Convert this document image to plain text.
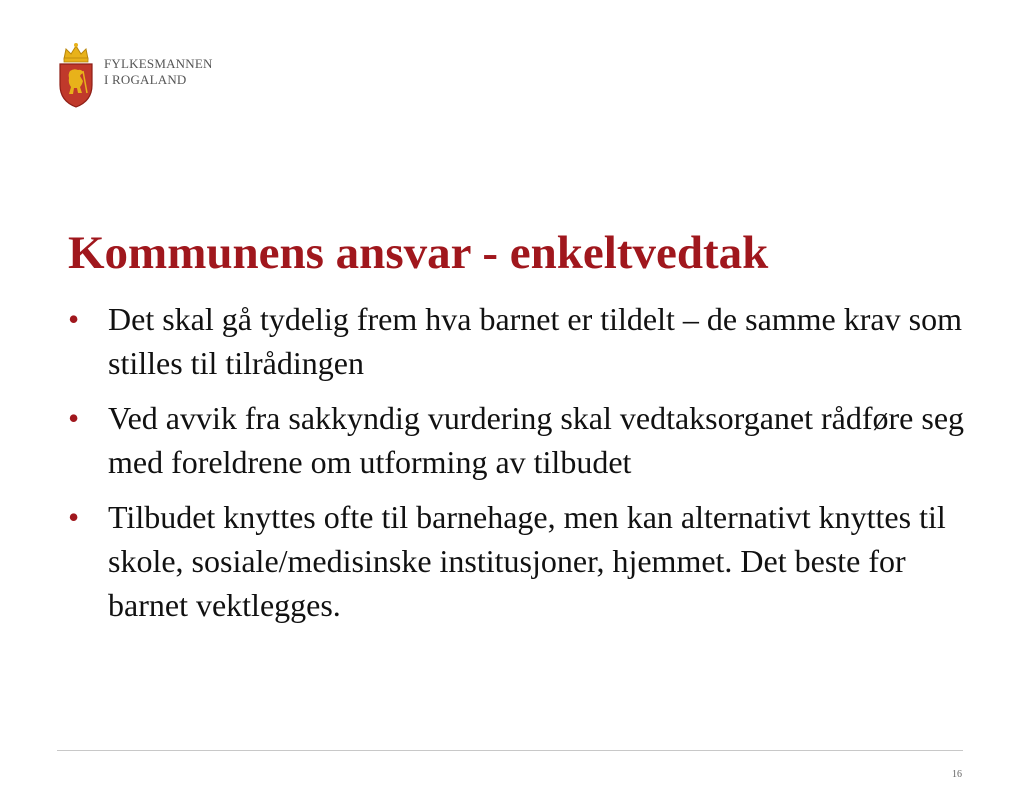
FYLKESMANNEN
I ROGALAND
Kommunens ansvar - enkeltvedtak
• Det skal gå tydelig frem hva barnet er tildelt – de samme krav som stilles til tilrådingen
• Ved avvik fra sakkyndig vurdering skal vedtaksorganet rådføre seg med foreldrene om utforming av tilbudet
• Tilbudet knyttes ofte til barnehage, men kan alternativt knyttes til skole, sosiale/medisinske institusjoner, hjemmet. Det beste for barnet vektlegges.
16
